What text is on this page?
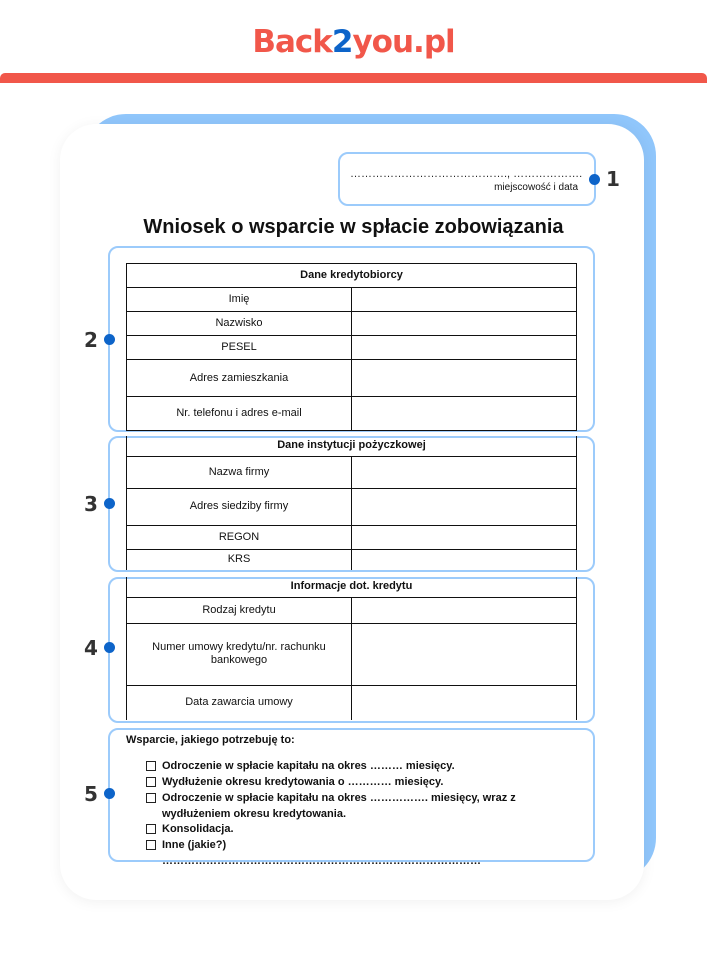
Back2you.pl
……………………………………., ……………….
miejscowość i data 1
Wniosek o wsparcie w spłacie zobowiązania
2
Dane kredytobiorcy	
Imię	
Nazwisko	
PESEL	
Adres zamieszkania	
Nr. telefonu i adres e-mail	
3
Dane instytucji pożyczkowej	
Nazwa firmy	
Adres siedziby firmy	
REGON	
KRS	
4
Informacje dot. kredytu	
Rodzaj kredytu	
Numer umowy kredytu/nr. rachunku bankowego	
Data zawarcia umowy	
5
Wsparcie, jakiego potrzebuję to:
Odroczenie w spłacie kapitału na okres ……… miesięcy.
Wydłużenie okresu kredytowania o ………… miesięcy.
Odroczenie w spłacie kapitału na okres ……………. miesięcy, wraz z wydłużeniem okresu kredytowania.
Konsolidacja.
Inne (jakie?) ……………………………………………………………………………
